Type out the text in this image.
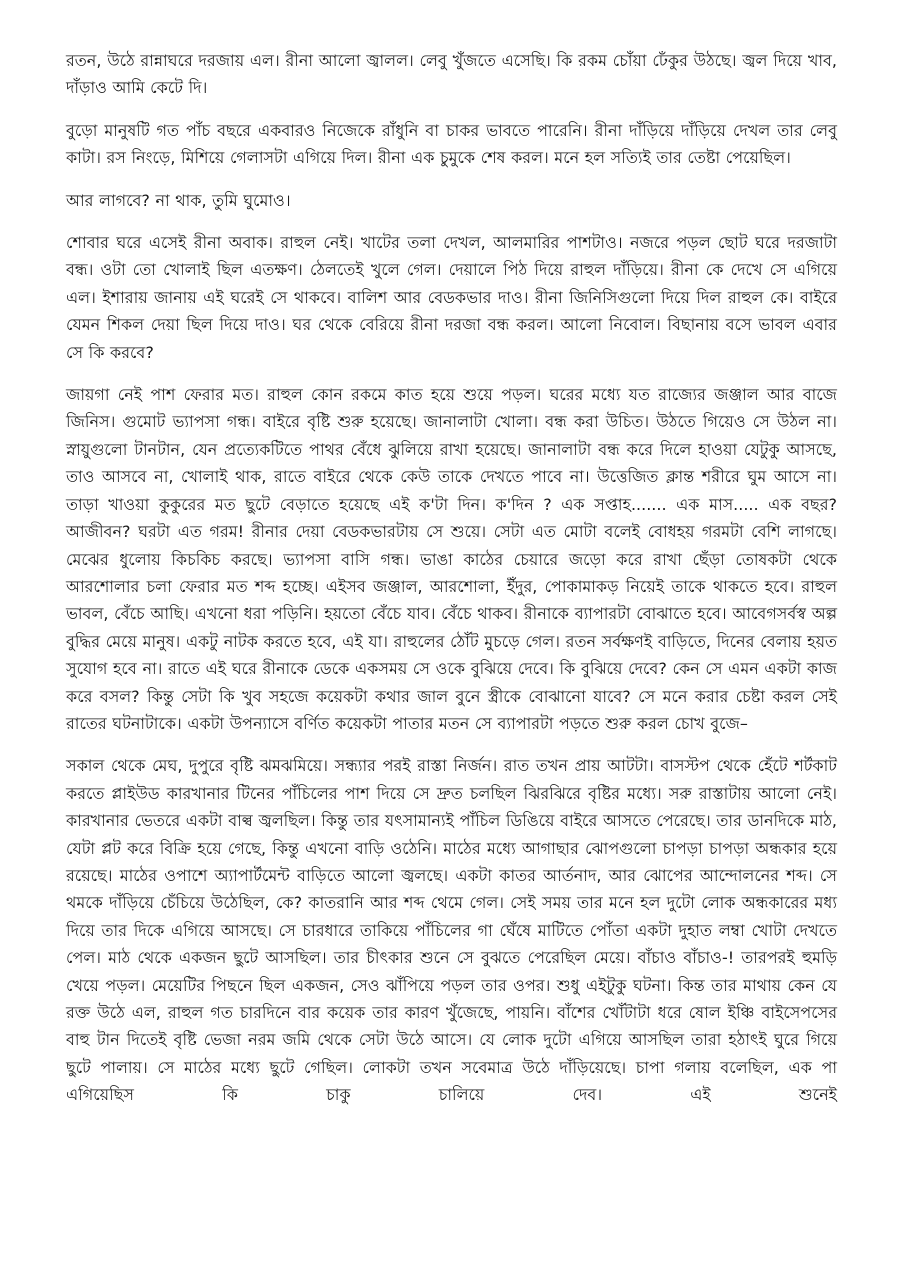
রতন, উঠে রান্নাঘরে দরজায় এল। রীনা আলো জ্বালল। লেবু খুঁজতে এসেছি। কি রকম চোঁয়া ঢেঁকুর উঠছে। জ্বল দিয়ে খাব, দাঁড়াও আমি কেটে দি।

বুড়ো মানুষটি গত পাঁচ বছরে একবারও নিজেকে রাঁধুনি বা চাকর ভাবতে পারেনি। রীনা দাঁড়িয়ে দাঁড়িয়ে দেখল তার লেবু কাটা। রস নিংড়ে, মিশিয়ে গেলাসটা এগিয়ে দিল। রীনা এক চুমুকে শেষ করল। মনে হল সত্যিই তার তেষ্টা পেয়েছিল।

আর লাগবে? না থাক, তুমি ঘুমোও।

শোবার ঘরে এসেই রীনা অবাক। রাহুল নেই। খাটের তলা দেখল, আলমারির পাশটাও। নজরে পড়ল ছোট ঘরে দরজাটা বন্ধ। ওটা তো খোলাই ছিল এতক্ষণ। ঠেলতেই খুলে গেল। দেয়ালে পিঠ দিয়ে রাহুল দাঁড়িয়ে। রীনা কে দেখে সে এগিয়ে এল। ইশারায় জানায় এই ঘরেই সে থাকবে। বালিশ আর বেডকভার দাও। রীনা জিনিসিগুলো দিয়ে দিল রাহুল কে। বাইরে যেমন শিকল দেয়া ছিল দিয়ে দাও। ঘর থেকে বেরিয়ে রীনা দরজা বন্ধ করল। আলো নিবোল। বিছানায় বসে ভাবল এবার সে কি করবে?

জায়গা নেই পাশ ফেরার মত। রাহুল কোন রকমে কাত হয়ে শুয়ে পড়ল। ঘরের মধ্যে যত রাজ্যের জঞ্জাল আর বাজে জিনিস। গুমোট ভ্যাপসা গন্ধ। বাইরে বৃষ্টি শুরু হয়েছে। জানালাটা খোলা। বন্ধ করা উচিত। উঠতে গিয়েও সে উঠল না। স্নায়ুগুলো টানটান, যেন প্রত্যেকটিতে পাথর বেঁধে ঝুলিয়ে রাখা হয়েছে। জানালাটা বন্ধ করে দিলে হাওয়া যেটুকু আসছে, তাও আসবে না, খোলাই থাক, রাতে বাইরে থেকে কেউ তাকে দেখতে পাবে না। উত্তেজিত ক্লান্ত শরীরে ঘুম আসে না। তাড়া খাওয়া কুকুরের মত ছুটে বেড়াতে হয়েছে এই ক'টা দিন। ক'দিন ? এক সপ্তাহ....... এক মাস..... এক বছর? আজীবন? ঘরটা এত গরম! রীনার দেয়া বেডকভারটায় সে শুয়ে। সেটা এত মোটা বলেই বোধহয় গরমটা বেশি লাগছে। মেঝের ধুলোয় কিচকিচ করছে। ভ্যাপসা বাসি গন্ধ। ভাঙা কাঠের চেয়ারে জড়ো করে রাখা ছেঁড়া তোষকটা থেকে আরশোলার চলা ফেরার মত শব্দ হচ্ছে। এইসব জঞ্জাল, আরশোলা, ইঁদুর, পোকামাকড় নিয়েই তাকে থাকতে হবে। রাহুল ভাবল, বেঁচে আছি। এখনো ধরা পড়িনি। হয়তো বেঁচে যাব। বেঁচে থাকব। রীনাকে ব্যাপারটা বোঝাতে হবে। আবেগসর্বস্ব অল্প বুদ্ধির মেয়ে মানুষ। একটু নাটক করতে হবে, এই যা। রাহুলের ঠোঁট মুচড়ে গেল। রতন সর্বক্ষণই বাড়িতে, দিনের বেলায় হয়ত সুযোগ হবে না। রাতে এই ঘরে রীনাকে ডেকে একসময় সে ওকে বুঝিয়ে দেবে। কি বুঝিয়ে দেবে? কেন সে এমন একটা কাজ করে বসল? কিন্তু সেটা কি খুব সহজে কয়েকটা কথার জাল বুনে স্ত্রীকে বোঝানো যাবে? সে মনে করার চেষ্টা করল সেই রাতের ঘটনাটাকে। একটা উপন্যাসে বর্ণিত কয়েকটা পাতার মতন সে ব্যাপারটা পড়তে শুরু করল চোখ বুজে–

সকাল থেকে মেঘ, দুপুরে বৃষ্টি ঝমঝমিয়ে। সন্ধ্যার পরই রাস্তা নির্জন। রাত তখন প্রায় আটটা। বাসস্টপ থেকে হেঁটে শর্টকাট করতে প্লাইউড কারখানার টিনের পাঁচিলের পাশ দিয়ে সে দ্রুত চলছিল ঝিরঝিরে বৃষ্টির মধ্যে। সরু রাস্তাটায় আলো নেই। কারখানার ভেতরে একটা বাল্ব জ্বলছিল। কিন্তু তার যৎসামান্যই পাঁচিল ডিঙিয়ে বাইরে আসতে পেরেছে। তার ডানদিকে মাঠ, যেটা প্লট করে বিক্রি হয়ে গেছে, কিন্তু এখনো বাড়ি ওঠেনি। মাঠের মধ্যে আগাছার ঝোপগুলো চাপড়া চাপড়া অন্ধকার হয়ে রয়েছে। মাঠের ওপাশে অ্যাপার্টমেন্ট বাড়িতে আলো জ্বলছে। একটা কাতর আর্তনাদ, আর ঝোপের আন্দোলনের শব্দ। সে থমকে দাঁড়িয়ে চেঁচিয়ে উঠেছিল, কে? কাতরানি আর শব্দ থেমে গেল। সেই সময় তার মনে হল দুটো লোক অন্ধকারের মধ্য দিয়ে তার দিকে এগিয়ে আসছে। সে চারধারে তাকিয়ে পাঁচিলের গা ঘেঁষে মাটিতে পোঁতা একটা দুহাত লম্বা খোটা দেখতে পেল। মাঠ থেকে একজন ছুটে আসছিল। তার চীৎকার শুনে সে বুঝতে পেরেছিল মেয়ে। বাঁচাও বাঁচাও-! তারপরই হুমড়ি খেয়ে পড়ল। মেয়েটির পিছনে ছিল একজন, সেও ঝাঁপিয়ে পড়ল তার ওপর। শুধু এইটুকু ঘটনা। কিন্ত তার মাথায় কেন যে রক্ত উঠে এল, রাহুল গত চারদিনে বার কয়েক তার কারণ খুঁজেছে, পায়নি। বাঁশের খোঁটাটা ধরে ষোল ইঞ্চি বাইসেপসের বাহু টান দিতেই বৃষ্টি ভেজা নরম জমি থেকে সেটা উঠে আসে। যে লোক দুটো এগিয়ে আসছিল তারা হঠাৎই ঘুরে গিয়ে ছুটে পালায়। সে মাঠের মধ্যে ছুটে গেছিল। লোকটা তখন সবেমাত্র উঠে দাঁড়িয়েছে। চাপা গলায় বলেছিল, এক পা এগিয়েছিস কি চাকু চালিয়ে দেব। এই শুনেই
